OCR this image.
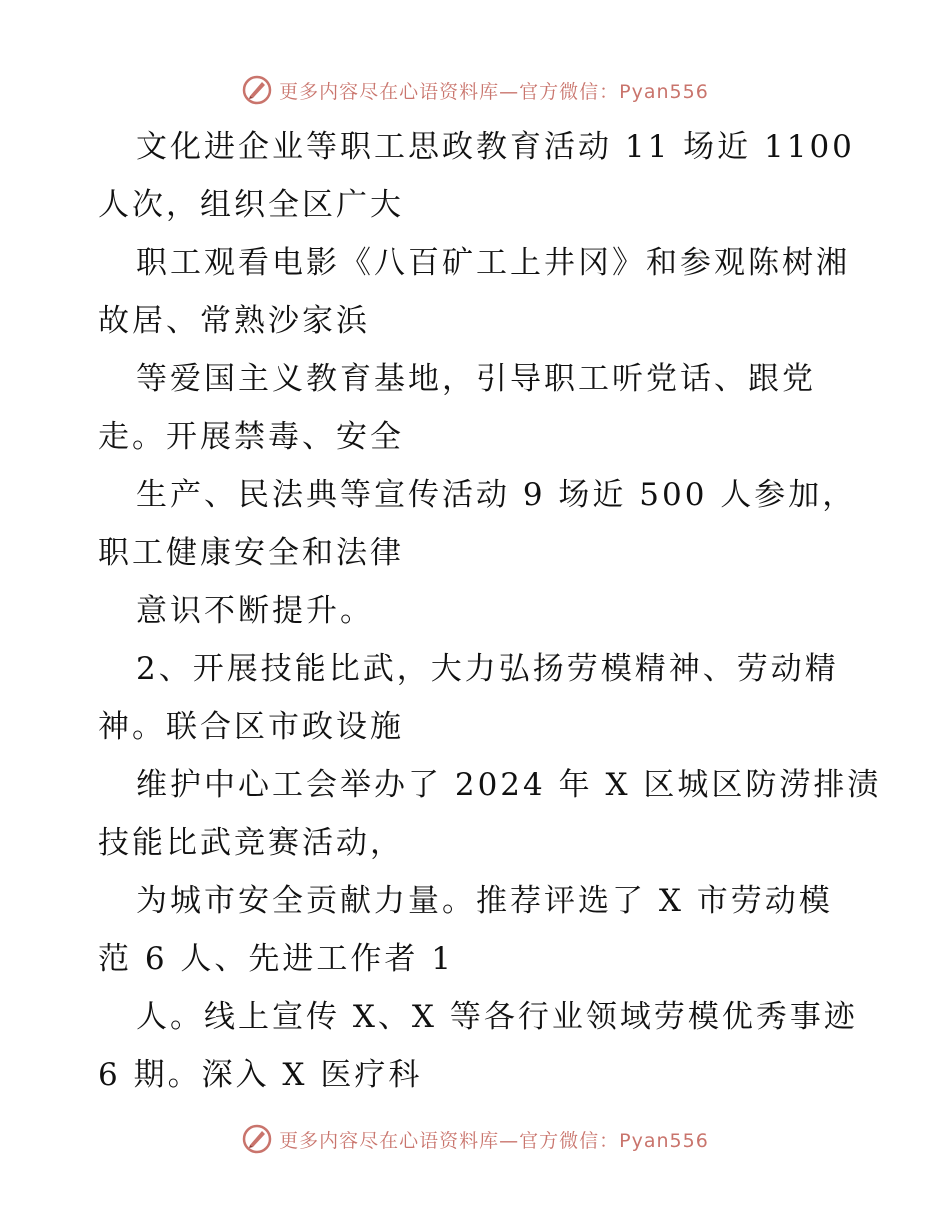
更多内容尽在心语资料库—官方微信：Pyan556

文化进企业等职工思政教育活动 11 场近 1100
人次，组织全区广大

职工观看电影《八百矿工上井冈》和参观陈树湘
故居、常熟沙家浜

等爱国主义教育基地，引导职工听党话、跟党
走。开展禁毒、安全

生产、民法典等宣传活动 9 场近 500 人参加，
职工健康安全和法律

意识不断提升。

2、开展技能比武，大力弘扬劳模精神、劳动精
神。联合区市政设施

维护中心工会举办了 2024 年 X 区城区防涝排渍
技能比武竞赛活动，

为城市安全贡献力量。推荐评选了 X 市劳动模
范 6 人、先进工作者 1

人。线上宣传 X、X 等各行业领域劳模优秀事迹
6 期。深入 X 医疗科

更多内容尽在心语资料库—官方微信：Pyan556
